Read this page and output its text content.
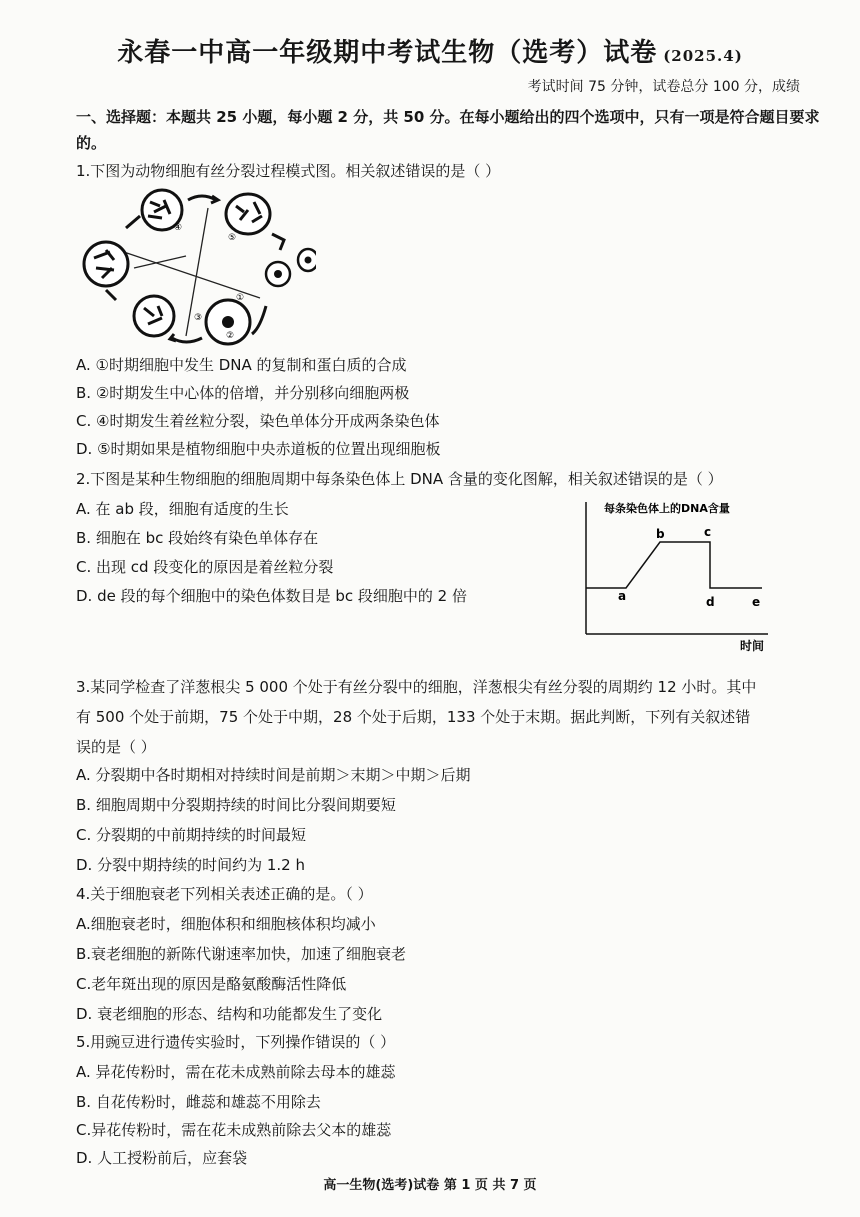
永春一中高一年级期中考试生物（选考）试卷 (2025.4)
考试时间 75 分钟，试卷总分 100 分，成绩
一、选择题：本题共 25 小题，每小题 2 分，共 50 分。在每小题给出的四个选项中，只有一项是符合题目要求的。
1.下图为动物细胞有丝分裂过程模式图。相关叙述错误的是（ ）
④
⑤
①
②
③
A. ①时期细胞中发生 DNA 的复制和蛋白质的合成
B. ②时期发生中心体的倍增，并分别移向细胞两极
C. ④时期发生着丝粒分裂，染色单体分开成两条染色体
D. ⑤时期如果是植物细胞中央赤道板的位置出现细胞板
2.下图是某种生物细胞的细胞周期中每条染色体上 DNA 含量的变化图解，相关叙述错误的是（ ）
A. 在 ab 段，细胞有适度的生长
B. 细胞在 bc 段始终有染色单体存在
C. 出现 cd 段变化的原因是着丝粒分裂
D. de 段的每个细胞中的染色体数目是 bc 段细胞中的 2 倍
每条染色体上的DNA含量
a
b	c
d	e
时间
3.某同学检查了洋葱根尖 5 000 个处于有丝分裂中的细胞，洋葱根尖有丝分裂的周期约 12 小时。其中
有 500 个处于前期，75 个处于中期，28 个处于后期，133 个处于末期。据此判断，下列有关叙述错
误的是（ ）
A. 分裂期中各时期相对持续时间是前期＞末期＞中期＞后期
B. 细胞周期中分裂期持续的时间比分裂间期要短
C. 分裂期的中前期持续的时间最短
D. 分裂中期持续的时间约为 1.2 h
4.关于细胞衰老下列相关表述正确的是。（ ）
A.细胞衰老时，细胞体积和细胞核体积均减小
B.衰老细胞的新陈代谢速率加快，加速了细胞衰老
C.老年斑出现的原因是酪氨酸酶活性降低
D. 衰老细胞的形态、结构和功能都发生了变化
5.用豌豆进行遗传实验时，下列操作错误的（ ）
A. 异花传粉时，需在花未成熟前除去母本的雄蕊
B. 自花传粉时，雌蕊和雄蕊不用除去
C.异花传粉时，需在花未成熟前除去父本的雄蕊
D. 人工授粉前后，应套袋
高一生物(选考)试卷 第 1 页 共 7 页
